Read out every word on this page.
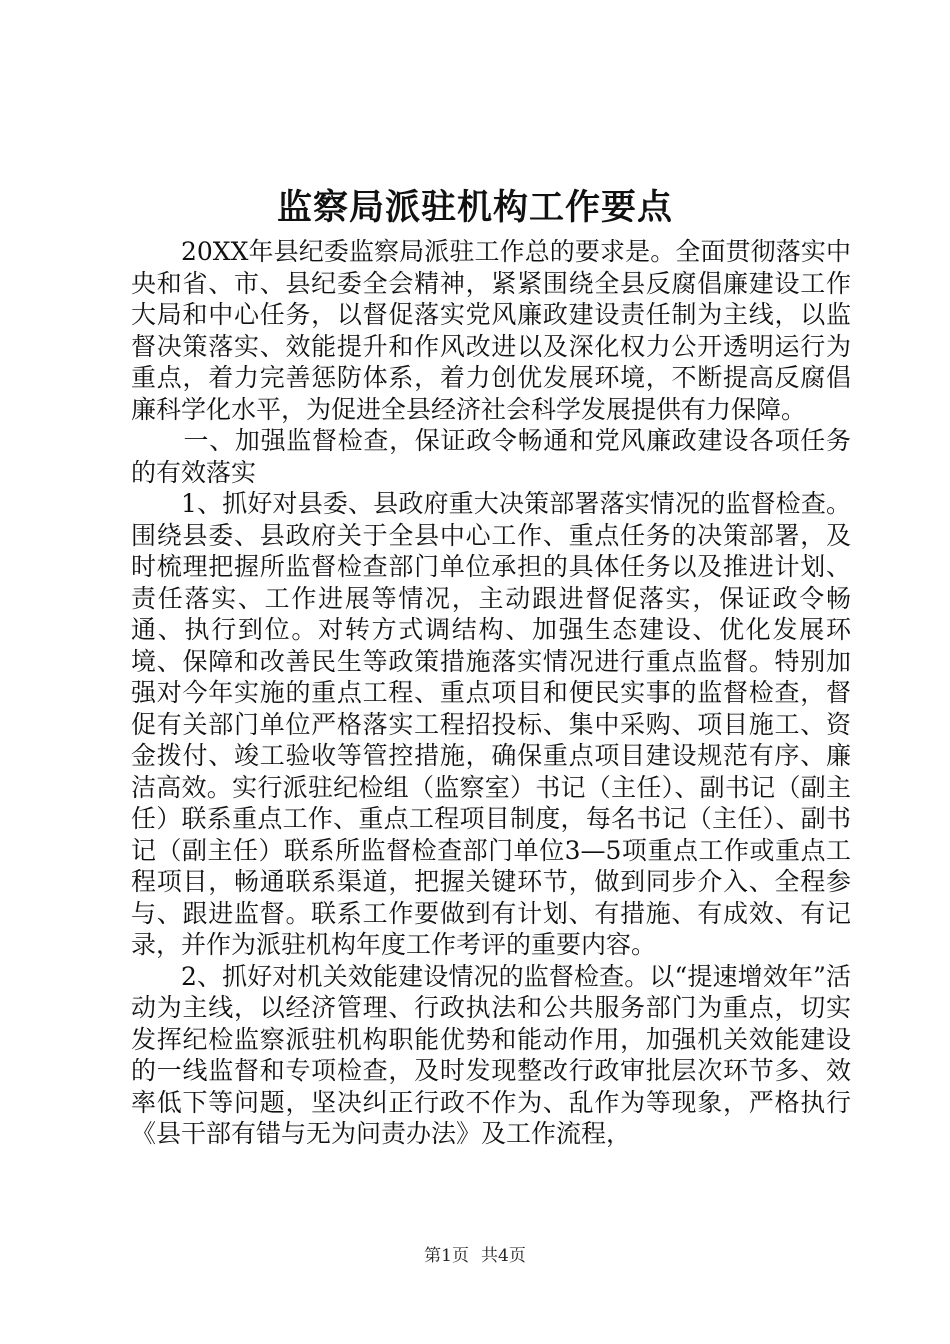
监察局派驻机构工作要点

20XX年县纪委监察局派驻工作总的要求是。全面贯彻落实中央和省、市、县纪委全会精神，紧紧围绕全县反腐倡廉建设工作大局和中心任务，以督促落实党风廉政建设责任制为主线，以监督决策落实、效能提升和作风改进以及深化权力公开透明运行为重点，着力完善惩防体系，着力创优发展环境，不断提高反腐倡廉科学化水平，为促进全县经济社会科学发展提供有力保障。

一、加强监督检查，保证政令畅通和党风廉政建设各项任务的有效落实

1、抓好对县委、县政府重大决策部署落实情况的监督检查。围绕县委、县政府关于全县中心工作、重点任务的决策部署，及时梳理把握所监督检查部门单位承担的具体任务以及推进计划、责任落实、工作进展等情况，主动跟进督促落实，保证政令畅通、执行到位。对转方式调结构、加强生态建设、优化发展环境、保障和改善民生等政策措施落实情况进行重点监督。特别加强对今年实施的重点工程、重点项目和便民实事的监督检查，督促有关部门单位严格落实工程招投标、集中采购、项目施工、资金拨付、竣工验收等管控措施，确保重点项目建设规范有序、廉洁高效。实行派驻纪检组（监察室）书记（主任）、副书记（副主任）联系重点工作、重点工程项目制度，每名书记（主任）、副书记（副主任）联系所监督检查部门单位3—5项重点工作或重点工程项目，畅通联系渠道，把握关键环节，做到同步介入、全程参与、跟进监督。联系工作要做到有计划、有措施、有成效、有记录，并作为派驻机构年度工作考评的重要内容。

2、抓好对机关效能建设情况的监督检查。以“提速增效年”活动为主线，以经济管理、行政执法和公共服务部门为重点，切实发挥纪检监察派驻机构职能优势和能动作用，加强机关效能建设的一线监督和专项检查，及时发现整改行政审批层次环节多、效率低下等问题，坚决纠正行政不作为、乱作为等现象，严格执行《县干部有错与无为问责办法》及工作流程，

第1页 共4页
